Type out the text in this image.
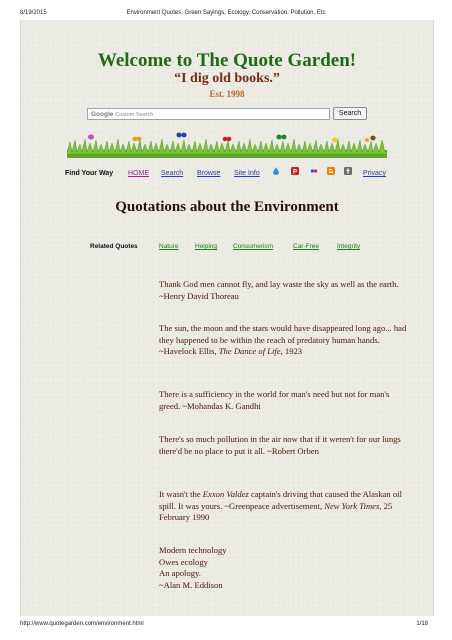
8/19/2015	Environment Quotes, Green Sayings, Ecology, Conservation, Pollution, Etc
Welcome to The Quote Garden!
“I dig old books.”
Est. 1998
Google Custom Search	Search
Find Your Way HOME Search Browse Site Info	P	Privacy
Quotations about the Environment
Related Quotes	Nature	Helping Consumerism	Car-Free	Integrity
Thank God men cannot fly, and lay waste the sky as well as the earth. ~Henry David Thoreau
The sun, the moon and the stars would have disappeared long ago... had they happened to be within the reach of predatory human hands. ~Havelock Ellis, The Dance of Life, 1923
There is a sufficiency in the world for man's need but not for man's greed. ~Mohandas K. Gandhi
There's so much pollution in the air now that if it weren't for our lungs there'd be no place to put it all. ~Robert Orben
It wasn't the Exxon Valdez captain's driving that caused the Alaskan oil spill. It was yours. ~Greenpeace advertisement, New York Times, 25 February 1990
Modern technology
Owes ecology
An apology.
~Alan M. Eddison
http://www.quotegarden.com/environment.html	1/18
